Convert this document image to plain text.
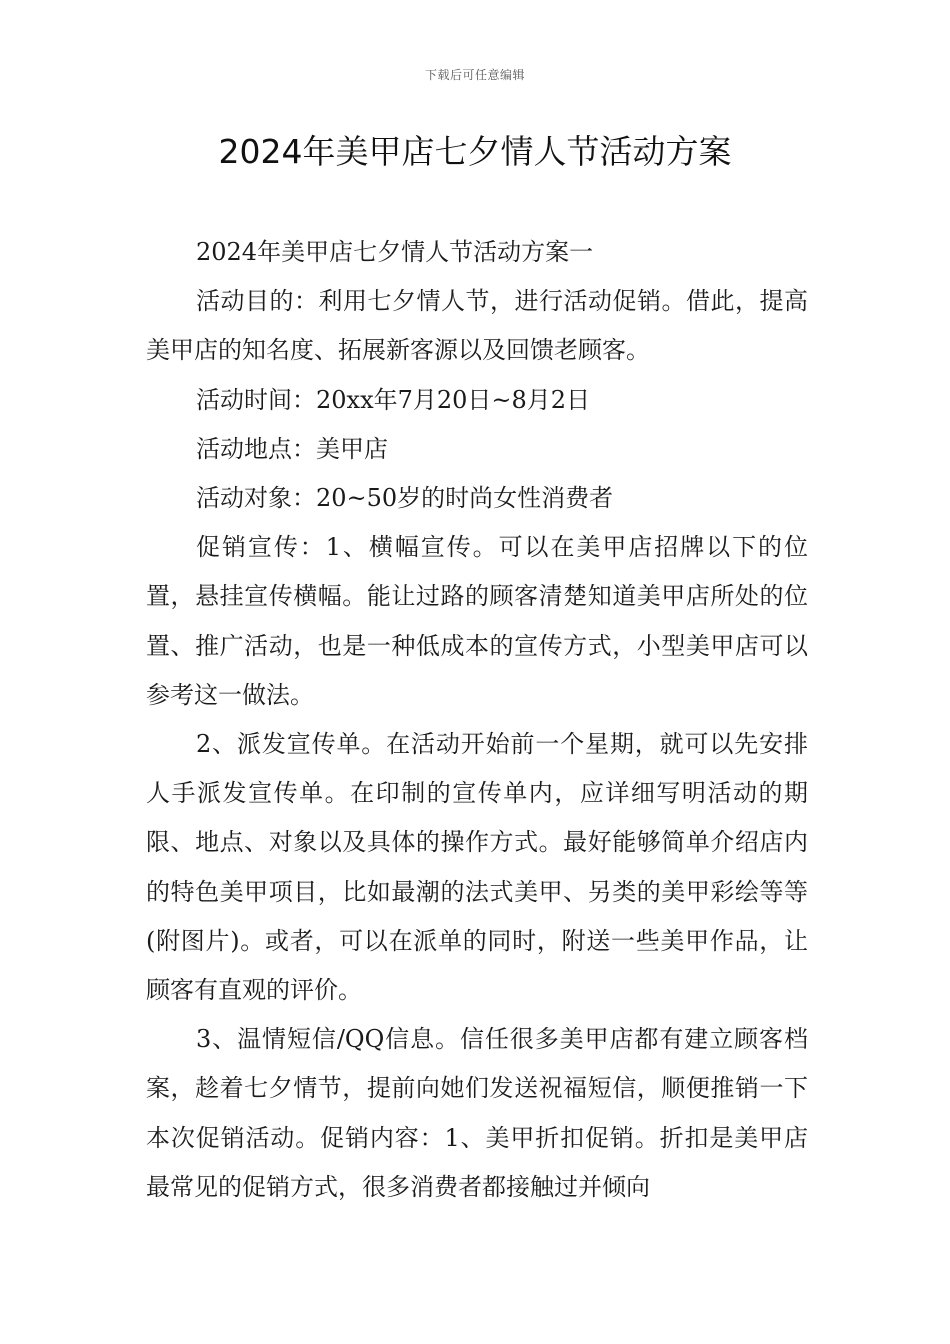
下载后可任意编辑
2024年美甲店七夕情人节活动方案

2024年美甲店七夕情人节活动方案一

活动目的：利用七夕情人节，进行活动促销。借此，提高美甲店的知名度、拓展新客源以及回馈老顾客。

活动时间：20xx年7月20日~8月2日

活动地点：美甲店

活动对象：20~50岁的时尚女性消费者

促销宣传：1、横幅宣传。可以在美甲店招牌以下的位置，悬挂宣传横幅。能让过路的顾客清楚知道美甲店所处的位置、推广活动，也是一种低成本的宣传方式，小型美甲店可以参考这一做法。

2、派发宣传单。在活动开始前一个星期，就可以先安排人手派发宣传单。在印制的宣传单内，应详细写明活动的期限、地点、对象以及具体的操作方式。最好能够简单介绍店内的特色美甲项目，比如最潮的法式美甲、另类的美甲彩绘等等(附图片)。或者，可以在派单的同时，附送一些美甲作品，让顾客有直观的评价。

3、温情短信/QQ信息。信任很多美甲店都有建立顾客档案，趁着七夕情节，提前向她们发送祝福短信，顺便推销一下本次促销活动。促销内容：1、美甲折扣促销。折扣是美甲店最常见的促销方式，很多消费者都接触过并倾向
